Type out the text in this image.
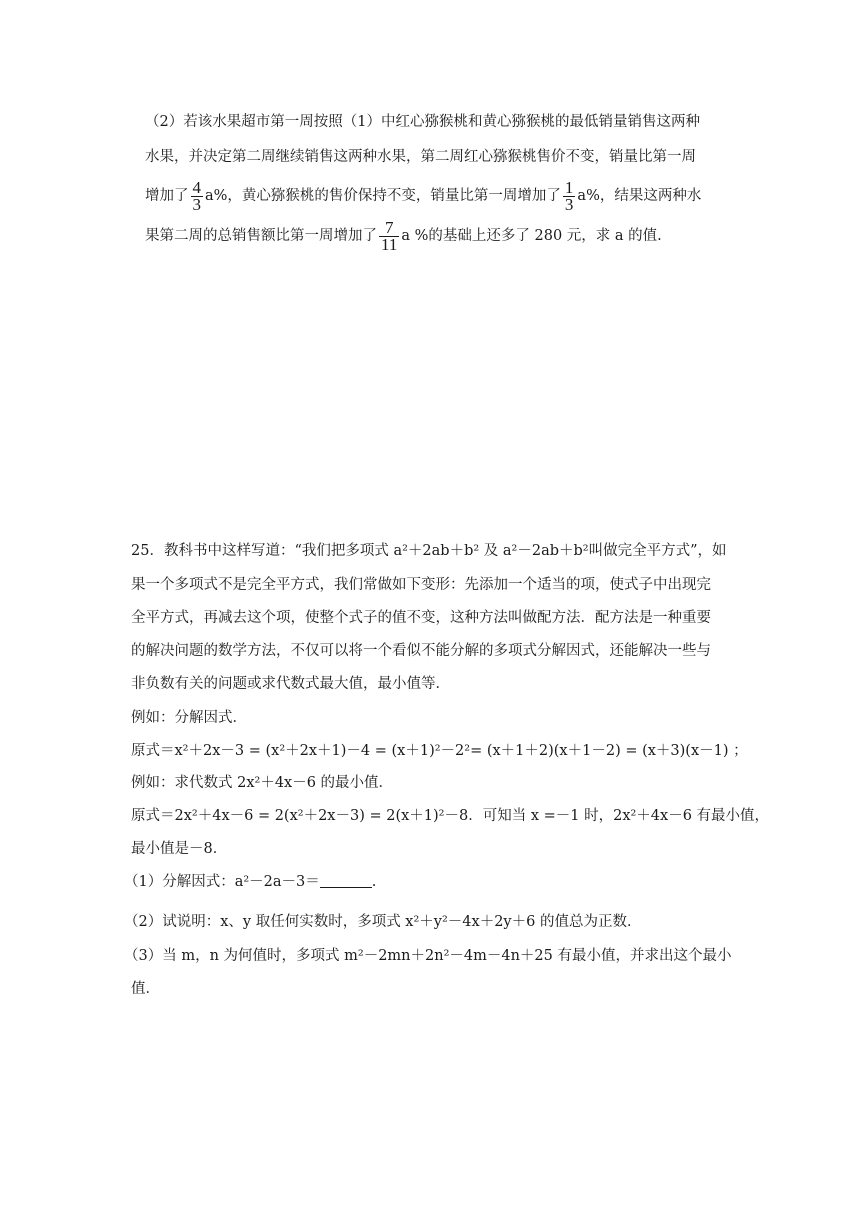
（2）若该水果超市第一周按照（1）中红心猕猴桃和黄心猕猴桃的最低销量销售这两种
水果，并决定第二周继续销售这两种水果，第二周红心猕猴桃售价不变，销量比第一周
增加了 $\frac{4}{3} a\%$，黄心猕猴桃的售价保持不变，销量比第一周增加了 $\frac{1}{3} a\%$，结果这两种水
果第二周的总销售额比第一周增加了 $\frac{7}{11}$ a %的基础上还多了 280 元，求 a 的值.
25．教科书中这样写道：“我们把多项式 a²＋2ab＋b² 及 a²－2ab＋b²叫做完全平方式”，如
果一个多项式不是完全平方式，我们常做如下变形：先添加一个适当的项，使式子中出现完
全平方式，再减去这个项，使整个式子的值不变，这种方法叫做配方法．配方法是一种重要
的解决问题的数学方法，不仅可以将一个看似不能分解的多项式分解因式，还能解决一些与
非负数有关的问题或求代数式最大值，最小值等．
例如：分解因式．
原式＝x²＋2x－3 = (x²＋2x＋1)－4 = (x＋1)²－2²= (x＋1＋2)(x＋1－2) = (x＋3)(x－1) ；
例如：求代数式 2x²＋4x－6 的最小值．
原式＝2x²＋4x－6 = 2(x²＋2x－3) = 2(x＋1)²－8．可知当 x =－1 时，2x²＋4x－6 有最小值，
最小值是－8．
（1）分解因式：a²－2a－3＝	.
（2）试说明：x、y 取任何实数时，多项式 x²＋y²－4x＋2y＋6 的值总为正数．
（3）当 m，n 为何值时，多项式 m²－2mn＋2n²－4m－4n＋25 有最小值，并求出这个最小
值．
